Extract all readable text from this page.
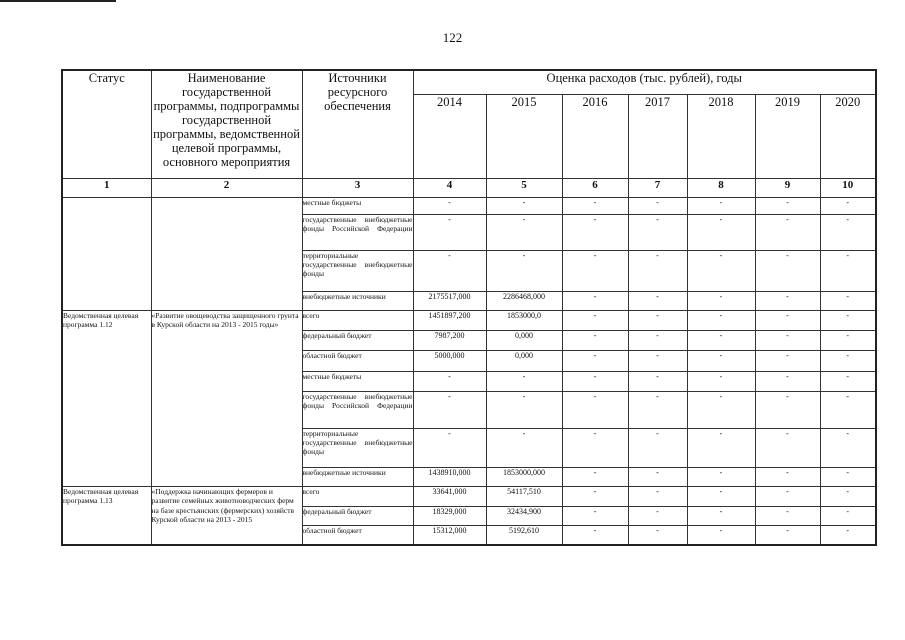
122
Статус	Наименование государственной программы, подпрограммы государственной программы, ведомственной целевой программы, основного мероприятия	Источники ресурсного обеспечения	Оценка расходов (тыс. рублей), годы						
			2014	2015	2016	2017	2018	2019	2020
1	2	3	4	5	6	7	8	9	10
		местные бюджеты	-	-	-	-	-	-	-
		государственные внебюджетные фонды Российской Федерации	-	-	-	-	-	-	-
		территориальные государственные внебюджетные фонды	-	-	-	-	-	-	-
		внебюджетные источники	2175517,000	2286468,000	-	-	-	-	-
Ведомственная целевая программа 1.12	«Развитие овощеводства защищенного грунта в Курской области на 2013 - 2015 годы»	всего	1451897,200	1853000,0	-	-	-	-	-
		федеральный бюджет	7987,200	0,000	-	-	-	-	-
		областной бюджет	5000,000	0,000	-	-	-	-	-
		местные бюджеты	-	-	-	-	-	-	-
		государственные внебюджетные фонды Российской Федерации	-	-	-	-	-	-	-
		территориальные государственные внебюджетные фонды	-	-	-	-	-	-	-
		внебюджетные источники	1438910,000	1853000,000	-	-	-	-	-
Ведомственная целевая программа 1.13	«Поддержка начинающих фермеров и развитие семейных животноводческих ферм на базе крестьянских (фермерских) хозяйств Курской области на 2013 - 2015	всего	33641,000	54117,510	-	-	-	-	-
		федеральный бюджет	18329,000	32434,900	-	-	-	-	-
		областной бюджет	15312,000	5192,610	-	-	-	-	-
